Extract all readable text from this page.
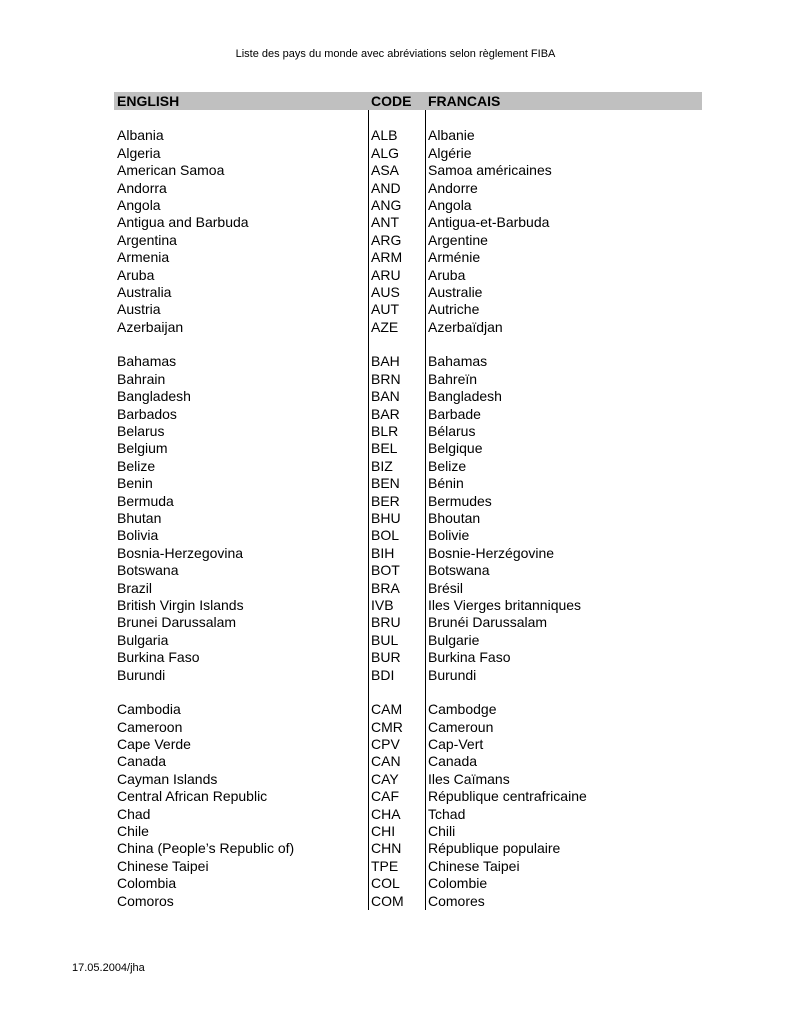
Liste des pays du monde avec abréviations selon règlement FIBA
ENGLISH	CODE FRANCAIS
Albania	ALB Albanie
Algeria	ALG Algérie
American Samoa	ASA Samoa américaines
Andorra	AND Andorre
Angola	ANG Angola
Antigua and Barbuda	ANT Antigua-et-Barbuda
Argentina	ARG Argentine
Armenia	ARM Arménie
Aruba	ARU Aruba
Australia	AUS Australie
Austria	AUT Autriche
Azerbaijan	AZE Azerbaïdjan
Bahamas	BAH Bahamas
Bahrain	BRN Bahreïn
Bangladesh	BAN Bangladesh
Barbados	BAR Barbade
Belarus	BLR Bélarus
Belgium	BEL Belgique
Belize	BIZ	Belize
Benin	BEN Bénin
Bermuda	BER Bermudes
Bhutan	BHU Bhoutan
Bolivia	BOL Bolivie
Bosnia-Herzegovina	BIH Bosnie-Herzégovine
Botswana	BOT Botswana
Brazil	BRA Brésil
British Virgin Islands	IVB Iles Vierges britanniques
Brunei Darussalam	BRU Brunéi Darussalam
Bulgaria	BUL Bulgarie
Burkina Faso	BUR Burkina Faso
Burundi	BDI Burundi
Cambodia	CAM Cambodge
Cameroon	CMR Cameroun
Cape Verde	CPV Cap-Vert
Canada	CAN Canada
Cayman Islands	CAY Iles Caïmans
Central African Republic	CAF République centrafricaine
Chad	CHA Tchad
Chile	CHI Chili
China (People’s Republic of)	CHN République populaire
Chinese Taipei	TPE Chinese Taipei
Colombia	COL Colombie
Comoros	COM Comores
17.05.2004/jha
